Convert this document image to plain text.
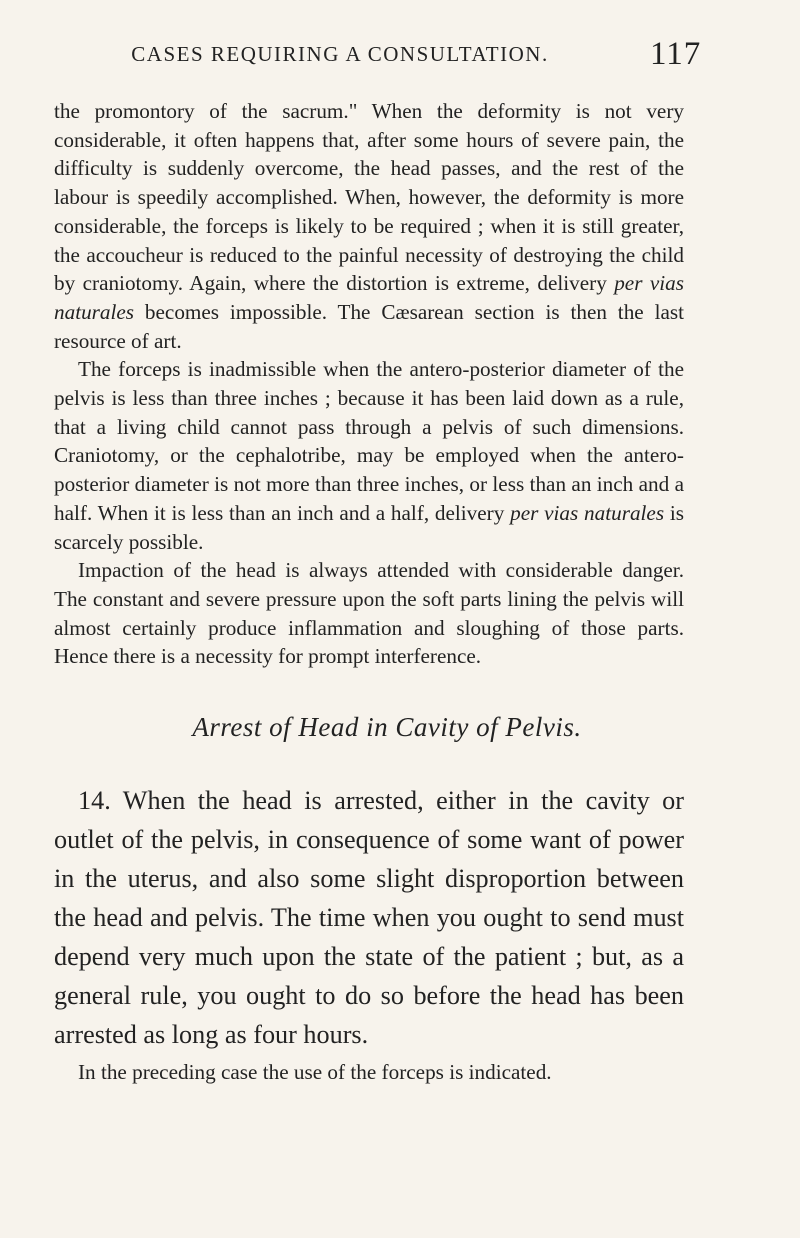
CASES REQUIRING A CONSULTATION.	117

the promontory of the sacrum." When the deformity is not very considerable, it often happens that, after some hours of severe pain, the difficulty is suddenly overcome, the head passes, and the rest of the labour is speedily accomplished. When, however, the deformity is more considerable, the forceps is likely to be required ; when it is still greater, the accoucheur is reduced to the painful necessity of destroying the child by craniotomy. Again, where the distortion is extreme, delivery per vias naturales becomes impossible. The Cæsarean section is then the last resource of art.

The forceps is inadmissible when the antero-posterior diameter of the pelvis is less than three inches ; because it has been laid down as a rule, that a living child cannot pass through a pelvis of such dimensions. Craniotomy, or the cephalotribe, may be employed when the antero-posterior diameter is not more than three inches, or less than an inch and a half. When it is less than an inch and a half, delivery per vias naturales is scarcely possible.

Impaction of the head is always attended with considerable danger. The constant and severe pressure upon the soft parts lining the pelvis will almost certainly produce inflammation and sloughing of those parts. Hence there is a necessity for prompt interference.

Arrest of Head in Cavity of Pelvis.

14. When the head is arrested, either in the cavity or outlet of the pelvis, in consequence of some want of power in the uterus, and also some slight disproportion between the head and pelvis. The time when you ought to send must depend very much upon the state of the patient ; but, as a general rule, you ought to do so before the head has been arrested as long as four hours.

In the preceding case the use of the forceps is indicated.
